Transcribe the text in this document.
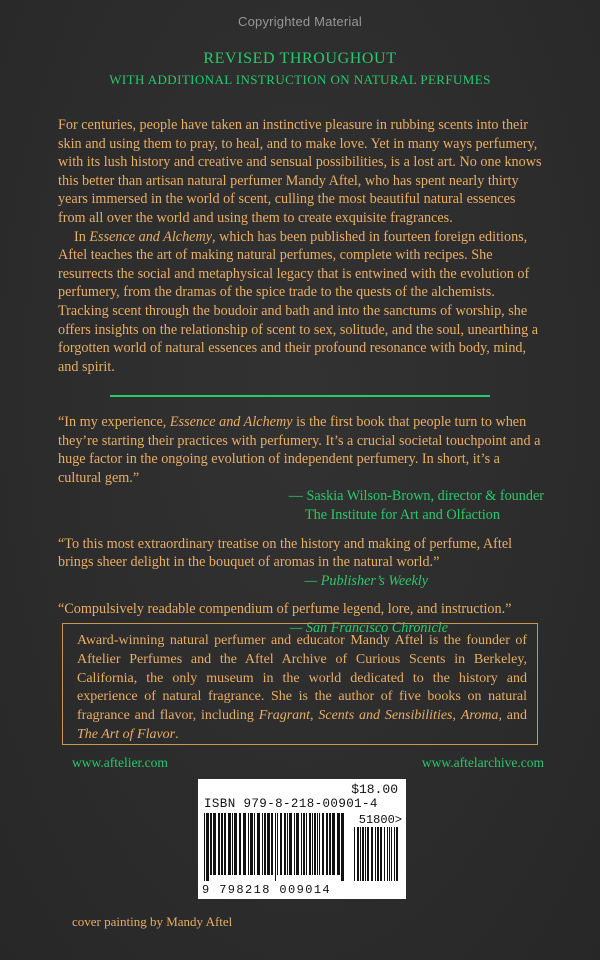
Copyrighted Material
REVISED THROUGHOUT
WITH ADDITIONAL INSTRUCTION ON NATURAL PERFUMES

For centuries, people have taken an instinctive pleasure in rubbing scents into their skin and using them to pray, to heal, and to make love. Yet in many ways perfumery, with its lush history and creative and sensual possibilities, is a lost art. No one knows this better than artisan natural perfumer Mandy Aftel, who has spent nearly thirty years immersed in the world of scent, culling the most beautiful natural essences from all over the world and using them to create exquisite fragrances.

In Essence and Alchemy, which has been published in fourteen foreign editions, Aftel teaches the art of making natural perfumes, complete with recipes. She resurrects the social and metaphysical legacy that is entwined with the evolution of perfumery, from the dramas of the spice trade to the quests of the alchemists. Tracking scent through the boudoir and bath and into the sanctums of worship, she offers insights on the relationship of scent to sex, solitude, and the soul, unearthing a forgotten world of natural essences and their profound resonance with body, mind, and spirit.

“In my experience, Essence and Alchemy is the first book that people turn to when they’re starting their practices with perfumery. It’s a crucial societal touchpoint and a huge factor in the ongoing evolution of independent perfumery. In short, it’s a cultural gem.”

— Saskia Wilson-Brown, director & founder

The Institute for Art and Olfaction

“To this most extraordinary treatise on the history and making of perfume, Aftel brings sheer delight in the bouquet of aromas in the natural world.”

— Publisher’s Weekly

“Compulsively readable compendium of perfume legend, lore, and instruction.”

— San Francisco Chronicle

Award-winning natural perfumer and educator Mandy Aftel is the founder of Aftelier Perfumes and the Aftel Archive of Curious Scents in Berkeley, California, the only museum in the world dedicated to the history and experience of natural fragrance. She is the author of five books on natural fragrance and flavor, including Fragrant, Scents and Sensibilities, Aroma, and The Art of Flavor.
www.aftelier.com	www.aftelarchive.com
$18.00
ISBN 979-8-218-00901-4
51800>
9 798218 009014
cover painting by Mandy Aftel
